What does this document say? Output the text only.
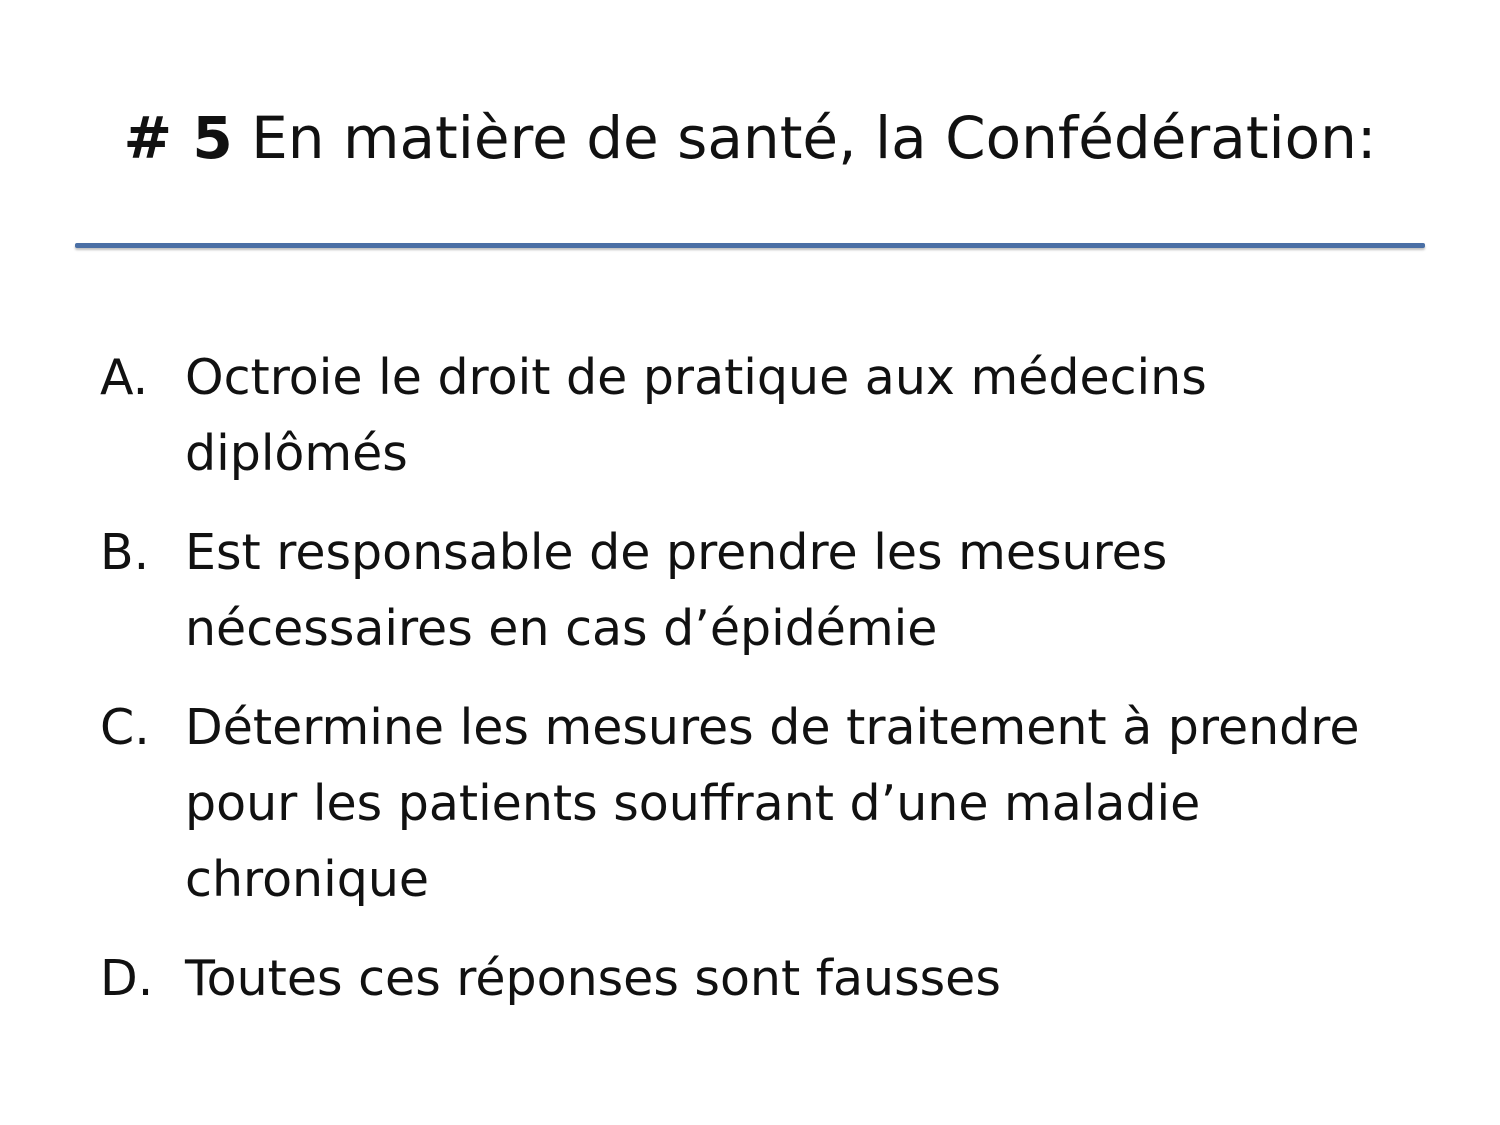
# 5 En matière de santé, la Confédération:
A. Octroie le droit de pratique aux médecins
diplômés
B. Est responsable de prendre les mesures
nécessaires en cas d’épidémie
C. Détermine les mesures de traitement à prendre
pour les patients souffrant d’une maladie
chronique
D. Toutes ces réponses sont fausses
